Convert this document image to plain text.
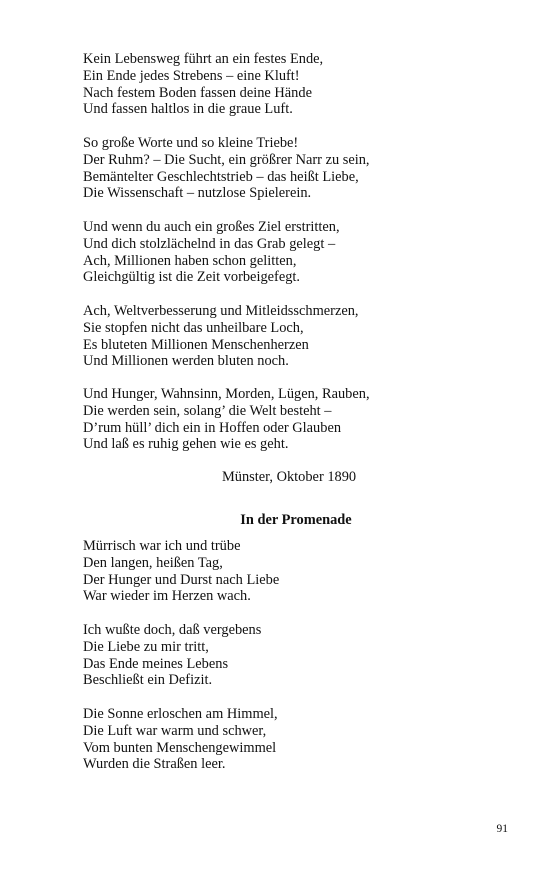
Kein Lebensweg führt an ein festes Ende,
Ein Ende jedes Strebens – eine Kluft!
Nach festem Boden fassen deine Hände
Und fassen haltlos in die graue Luft.
So große Worte und so kleine Triebe!
Der Ruhm? – Die Sucht, ein größrer Narr zu sein,
Bemäntelter Geschlechtstrieb – das heißt Liebe,
Die Wissenschaft – nutzlose Spielerein.
Und wenn du auch ein großes Ziel erstritten,
Und dich stolzlächelnd in das Grab gelegt –
Ach, Millionen haben schon gelitten,
Gleichgültig ist die Zeit vorbeigefegt.
Ach, Weltverbesserung und Mitleidsschmerzen,
Sie stopfen nicht das unheilbare Loch,
Es bluteten Millionen Menschenherzen
Und Millionen werden bluten noch.
Und Hunger, Wahnsinn, Morden, Lügen, Rauben,
Die werden sein, solang’ die Welt besteht –
D’rum hüll’ dich ein in Hoffen oder Glauben
Und laß es ruhig gehen wie es geht.
Münster, Oktober 1890
In der Promenade
Mürrisch war ich und trübe
Den langen, heißen Tag,
Der Hunger und Durst nach Liebe
War wieder im Herzen wach.
Ich wußte doch, daß vergebens
Die Liebe zu mir tritt,
Das Ende meines Lebens
Beschließt ein Defizit.
Die Sonne erloschen am Himmel,
Die Luft war warm und schwer,
Vom bunten Menschengewimmel
Wurden die Straßen leer.
91
